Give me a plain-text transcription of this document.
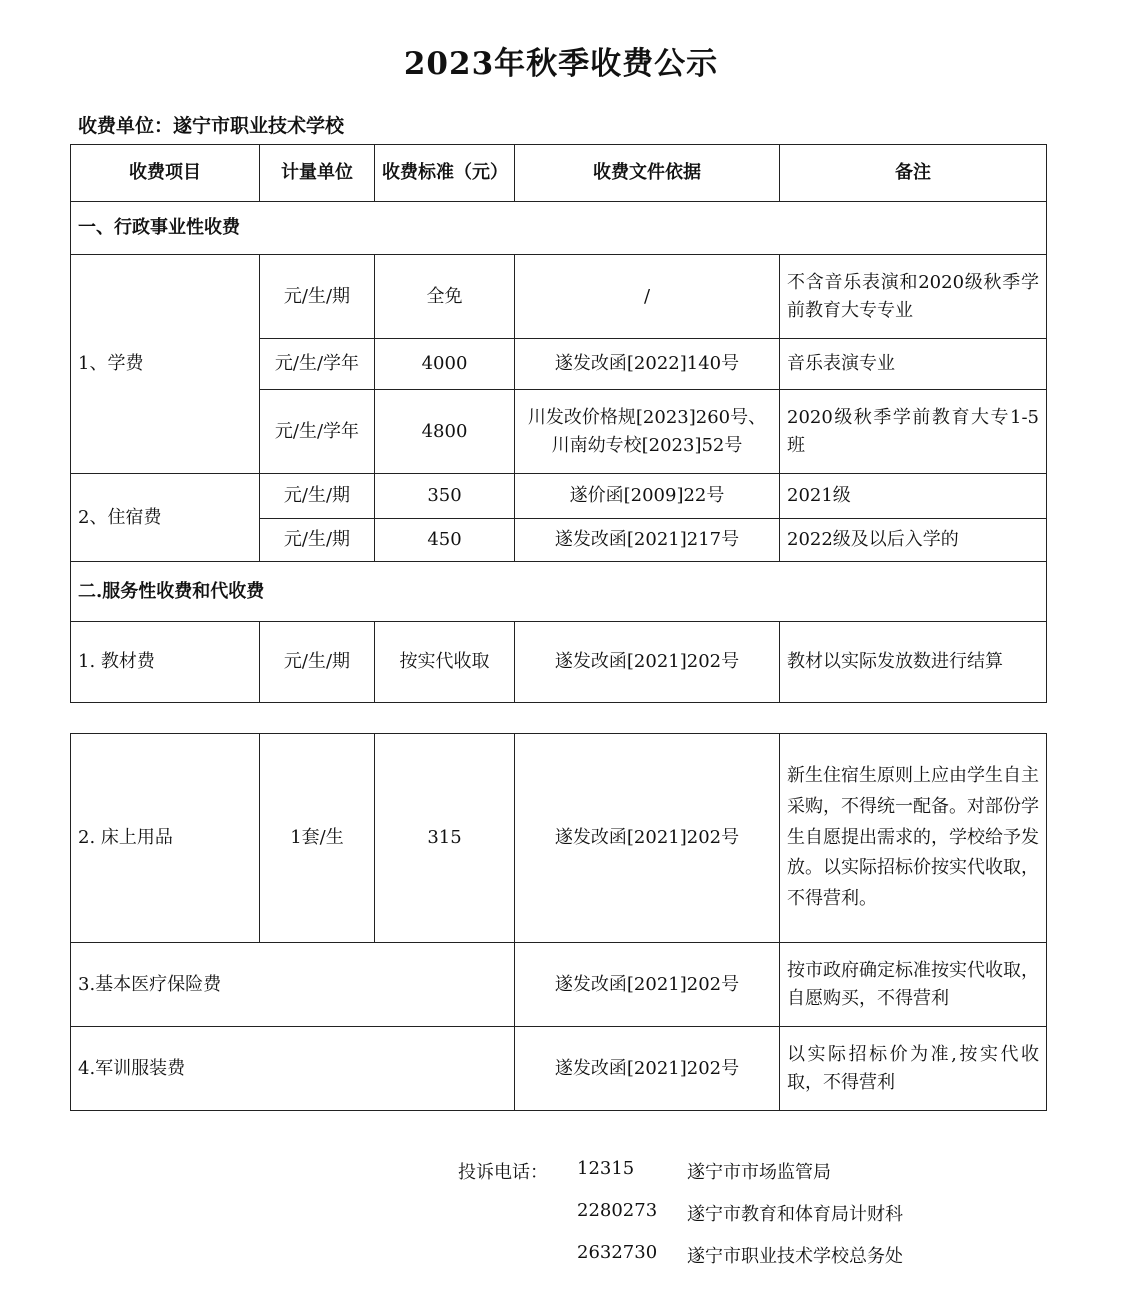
2023年秋季收费公示
收费单位：遂宁市职业技术学校
收费项目	计量单位	收费标准（元）	收费文件依据	备注
一、行政事业性收费				
1、学费	元/生/期	全免	/	不含音乐表演和2020级秋季学前教育大专专业
	元/生/学年	4000	遂发改函[2022]140号	音乐表演专业
	元/生/学年	4800	川发改价格规[2023]260号、
川南幼专校[2023]52号	2020级秋季学前教育大专1-5班
2、住宿费	元/生/期	350	遂价函[2009]22号	2021级
	元/生/期	450	遂发改函[2021]217号	2022级及以后入学的
二.服务性收费和代收费				
1. 教材费	元/生/期	按实代收取	遂发改函[2021]202号	教材以实际发放数进行结算
2. 床上用品	1套/生	315	遂发改函[2021]202号	新生住宿生原则上应由学生自主采购，不得统一配备。对部份学生自愿提出需求的，学校给予发放。以实际招标价按实代收取，不得营利。
3.基本医疗保险费			遂发改函[2021]202号	按市政府确定标准按实代收取，自愿购买，不得营利
4.军训服装费			遂发改函[2021]202号	以实际招标价为准,按实代收取，不得营利
投诉电话： 12315	遂宁市市场监管局
2280273 遂宁市教育和体育局计财科
2632730 遂宁市职业技术学校总务处
